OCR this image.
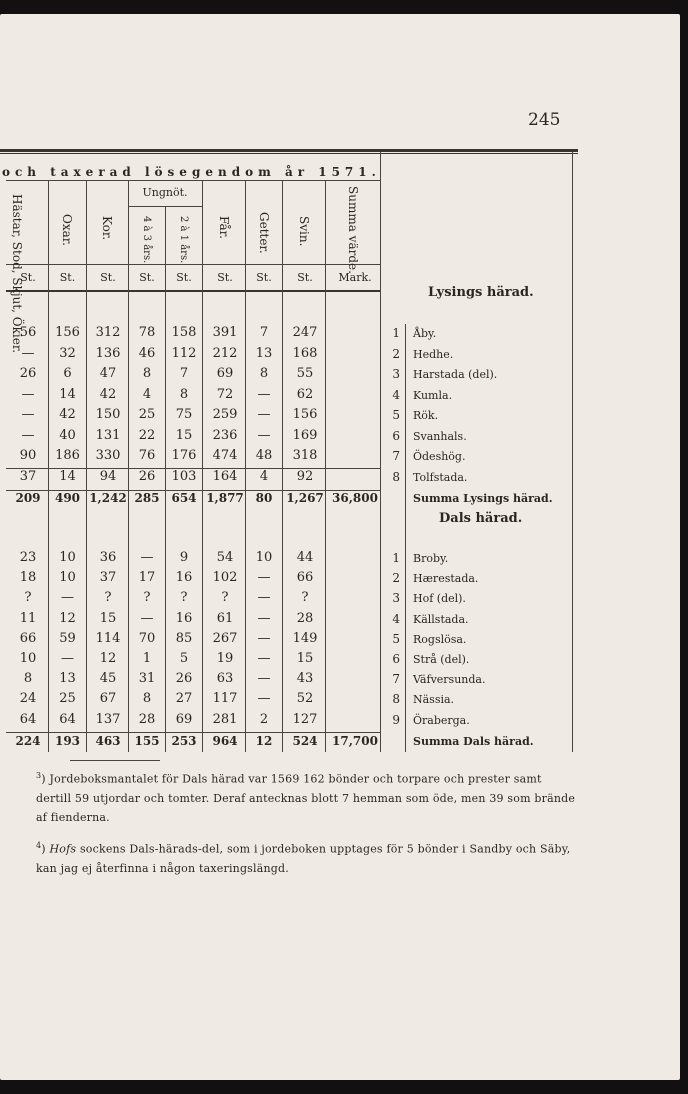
245
och taxerad lösegendom år 1571.
Hästar, Stod, Skjut, Ökier.	Oxar. Kor.
Ungnöt.
4 à 3 års.	2 à 1 års. Får. Getter. Svin.	Summa värde.
St.	St.	St.	St.	St.	St.	St.	St.	Mark.
Lysings härad.
Dals härad.
56	156	312	78	158	391	7	247	1 Åby.
—	32	136	46	112	212	13	168	2 Hedhe.
26	6	47	8	7	69	8	55	3 Harstada (del).
—	14	42	4	8	72	—	62	4 Kumla.
—	42	150	25	75	259	—	156	5 Rök.
—	40	131	22	15	236	—	169	6 Svanhals.
90	186	330	76	176	474	48	318	7 Ödeshög.
37	14	94	26	103	164	4	92	8 Tolfstada.
209	490 1,242 285 654 1,877 80	1,267 36,800	Summa Lysings härad.
23	10	36	—	9	54	10	44	1 Broby.
18	10	37	17	16	102	—	66	2 Hærestada.
?	—	?	?	?	?	—	?	3 Hof (del).
11	12	15	—	16	61	—	28	4 Källstada.
66	59	114	70	85	267	—	149	5 Rogslösa.
10	—	12	1	5	19	—	15	6 Strå (del).
8	13	45	31	26	63	—	43	7 Väfversunda.
24	25	67	8	27	117	—	52	8 Nässia.
64	64	137	28	69	281	2	127	9 Öraberga.
224	193	463	155 253	964	12	524	17,700	Summa Dals härad.
$^3$) Jordeboksmantalet för Dals härad var 1569 162 bönder och torpare och prester samt dertill 59 utjordar och tomter. Deraf antecknas blott 7 hemman som öde, men 39 som brände af fienderna.
$^4$) Hofs sockens Dals-härads-del, som i jordeboken upptages för 5 bönder i Sandby och Säby, kan jag ej återfinna i någon taxeringslängd.
